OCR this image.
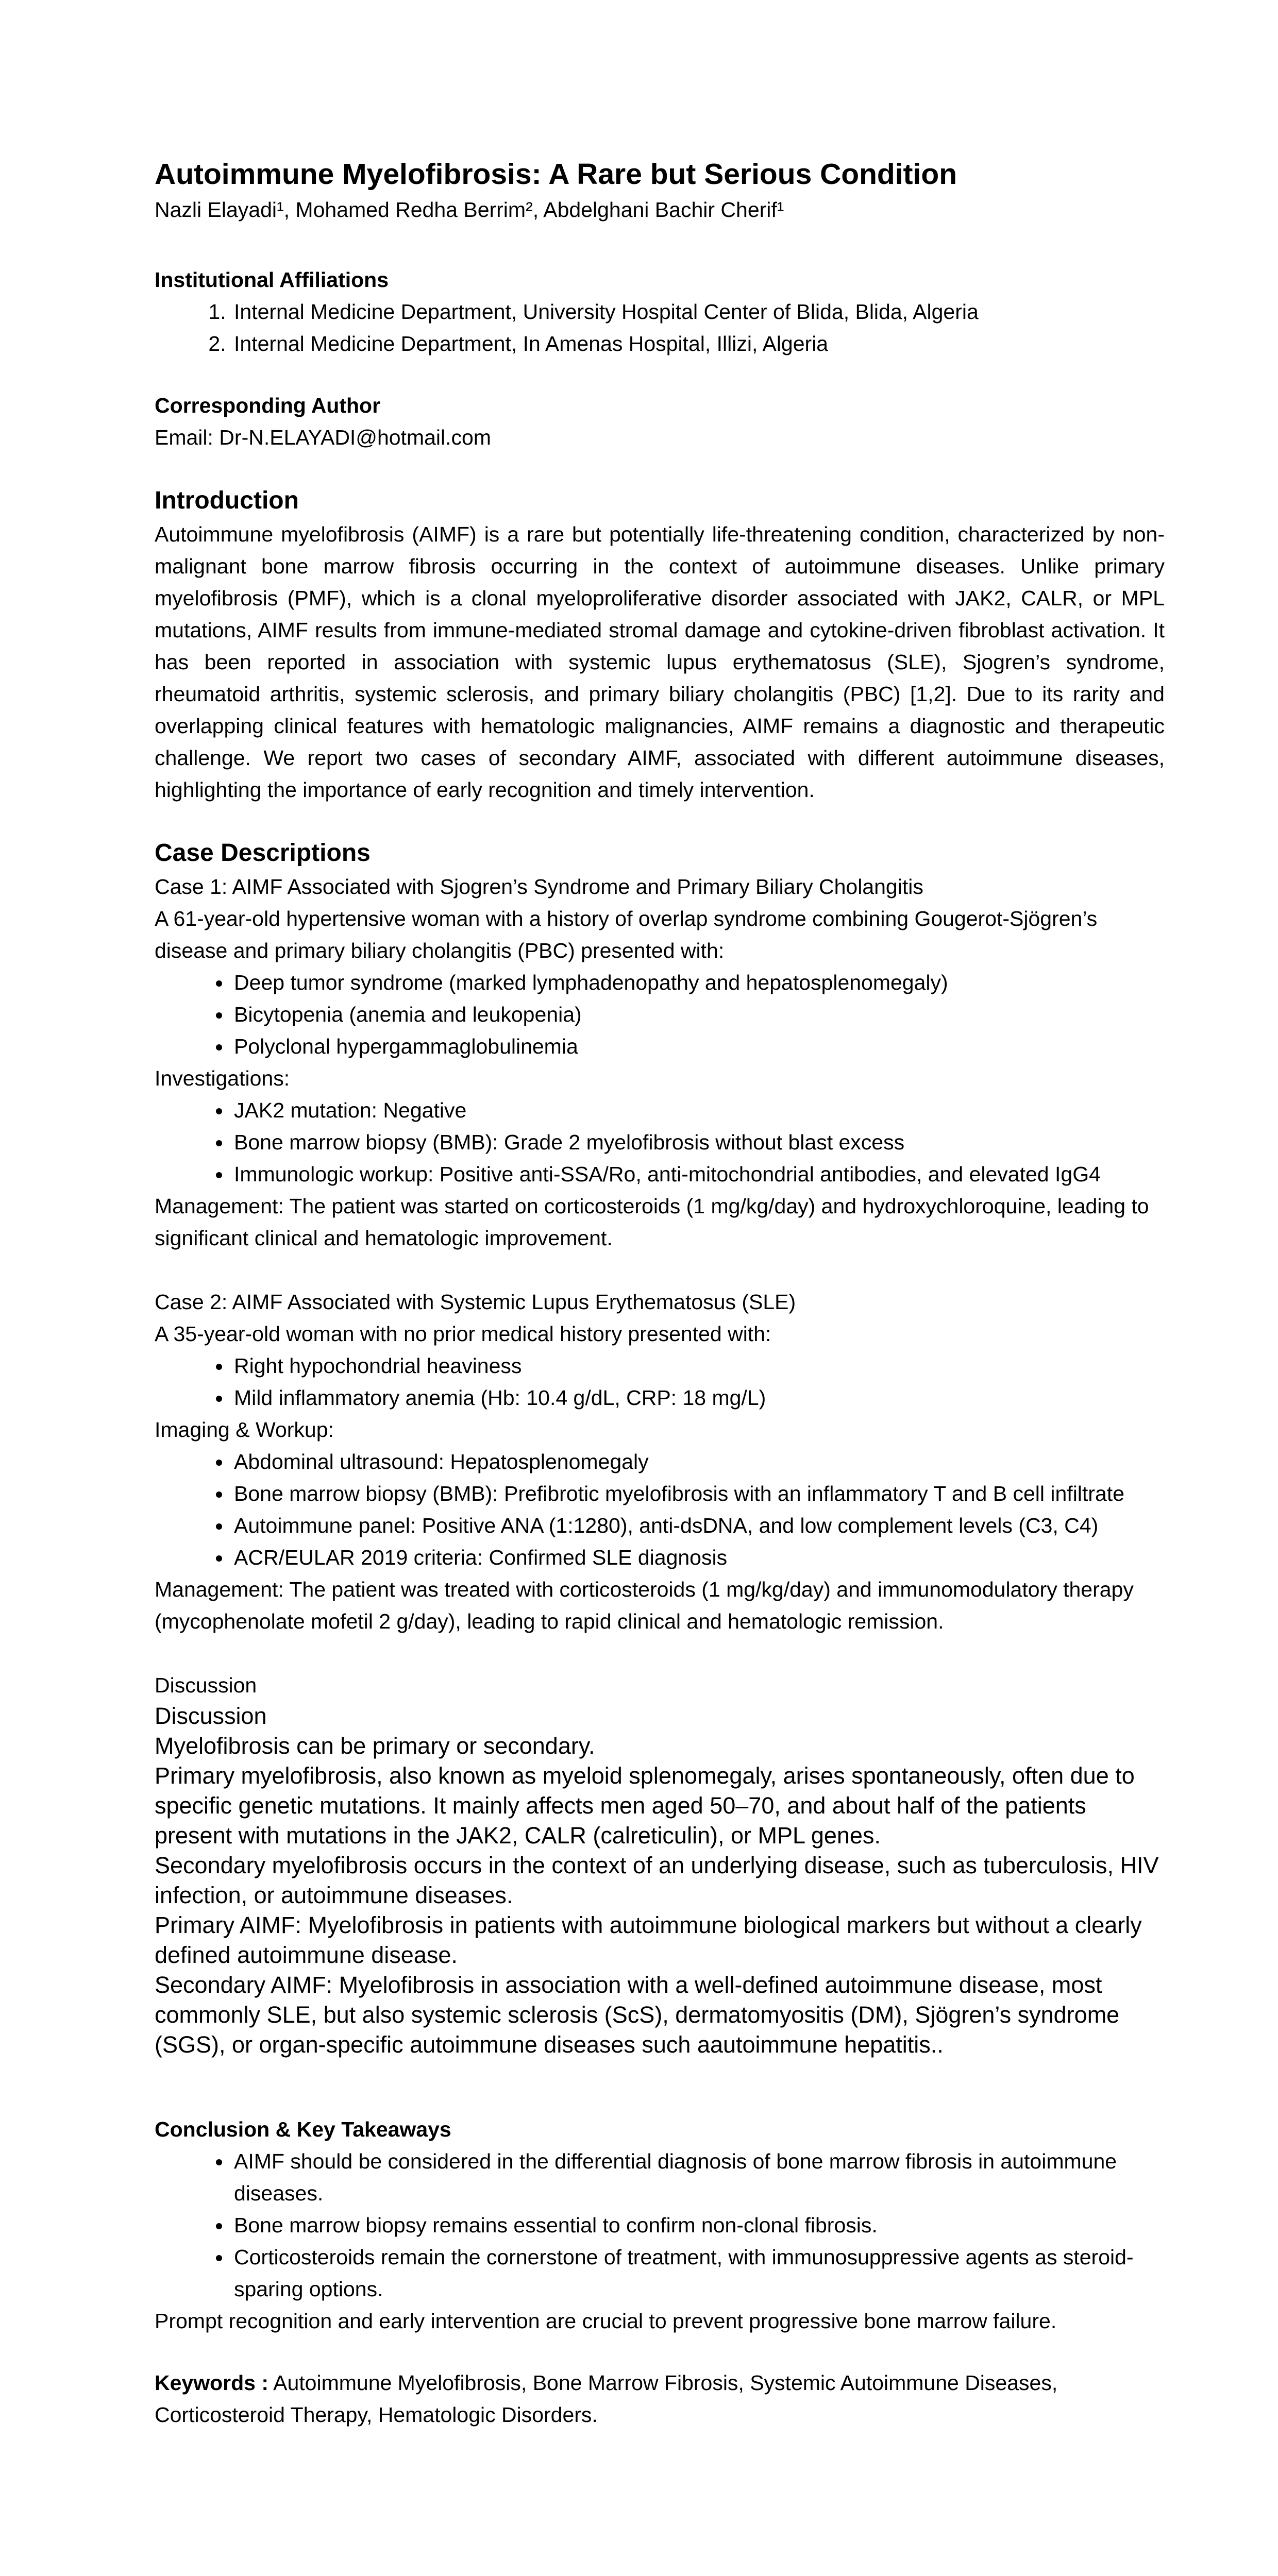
Autoimmune Myelofibrosis: A Rare but Serious Condition

Nazli Elayadi¹, Mohamed Redha Berrim², Abdelghani Bachir Cherif¹

Institutional Affiliations

1. Internal Medicine Department, University Hospital Center of Blida, Blida, Algeria
2. Internal Medicine Department, In Amenas Hospital, Illizi, Algeria

Corresponding Author

Email: Dr-N.ELAYADI@hotmail.com

Introduction

Autoimmune myelofibrosis (AIMF) is a rare but potentially life-threatening condition, characterized by non-malignant bone marrow fibrosis occurring in the context of autoimmune diseases. Unlike primary myelofibrosis (PMF), which is a clonal myeloproliferative disorder associated with JAK2, CALR, or MPL mutations, AIMF results from immune-mediated stromal damage and cytokine-driven fibroblast activation. It has been reported in association with systemic lupus erythematosus (SLE), Sjogren’s syndrome, rheumatoid arthritis, systemic sclerosis, and primary biliary cholangitis (PBC) [1,2]. Due to its rarity and overlapping clinical features with hematologic malignancies, AIMF remains a diagnostic and therapeutic challenge. We report two cases of secondary AIMF, associated with different autoimmune diseases, highlighting the importance of early recognition and timely intervention.

Case Descriptions

Case 1: AIMF Associated with Sjogren’s Syndrome and Primary Biliary Cholangitis

A 61-year-old hypertensive woman with a history of overlap syndrome combining Gougerot-Sjögren’s disease and primary biliary cholangitis (PBC) presented with:

• Deep tumor syndrome (marked lymphadenopathy and hepatosplenomegaly)
• Bicytopenia (anemia and leukopenia)
• Polyclonal hypergammaglobulinemia

Investigations:

• JAK2 mutation: Negative
• Bone marrow biopsy (BMB): Grade 2 myelofibrosis without blast excess
• Immunologic workup: Positive anti-SSA/Ro, anti-mitochondrial antibodies, and elevated IgG4

Management: The patient was started on corticosteroids (1 mg/kg/day) and hydroxychloroquine, leading to significant clinical and hematologic improvement.

Case 2: AIMF Associated with Systemic Lupus Erythematosus (SLE)

A 35-year-old woman with no prior medical history presented with:

• Right hypochondrial heaviness
• Mild inflammatory anemia (Hb: 10.4 g/dL, CRP: 18 mg/L)

Imaging & Workup:

• Abdominal ultrasound: Hepatosplenomegaly
• Bone marrow biopsy (BMB): Prefibrotic myelofibrosis with an inflammatory T and B cell infiltrate
• Autoimmune panel: Positive ANA (1:1280), anti-dsDNA, and low complement levels (C3, C4)
• ACR/EULAR 2019 criteria: Confirmed SLE diagnosis

Management: The patient was treated with corticosteroids (1 mg/kg/day) and immunomodulatory therapy (mycophenolate mofetil 2 g/day), leading to rapid clinical and hematologic remission.

Discussion

Discussion

Myelofibrosis can be primary or secondary.

Primary myelofibrosis, also known as myeloid splenomegaly, arises spontaneously, often due to specific genetic mutations. It mainly affects men aged 50–70, and about half of the patients present with mutations in the JAK2, CALR (calreticulin), or MPL genes.

Secondary myelofibrosis occurs in the context of an underlying disease, such as tuberculosis, HIV infection, or autoimmune diseases.

Primary AIMF: Myelofibrosis in patients with autoimmune biological markers but without a clearly defined autoimmune disease.

Secondary AIMF: Myelofibrosis in association with a well-defined autoimmune disease, most commonly SLE, but also systemic sclerosis (ScS), dermatomyositis (DM), Sjögren’s syndrome (SGS), or organ-specific autoimmune diseases such aautoimmune hepatitis..

Conclusion & Key Takeaways

• AIMF should be considered in the differential diagnosis of bone marrow fibrosis in autoimmune diseases.
• Bone marrow biopsy remains essential to confirm non-clonal fibrosis.
• Corticosteroids remain the cornerstone of treatment, with immunosuppressive agents as steroid-sparing options.

Prompt recognition and early intervention are crucial to prevent progressive bone marrow failure.

Keywords : Autoimmune Myelofibrosis, Bone Marrow Fibrosis, Systemic Autoimmune Diseases, Corticosteroid Therapy, Hematologic Disorders.
